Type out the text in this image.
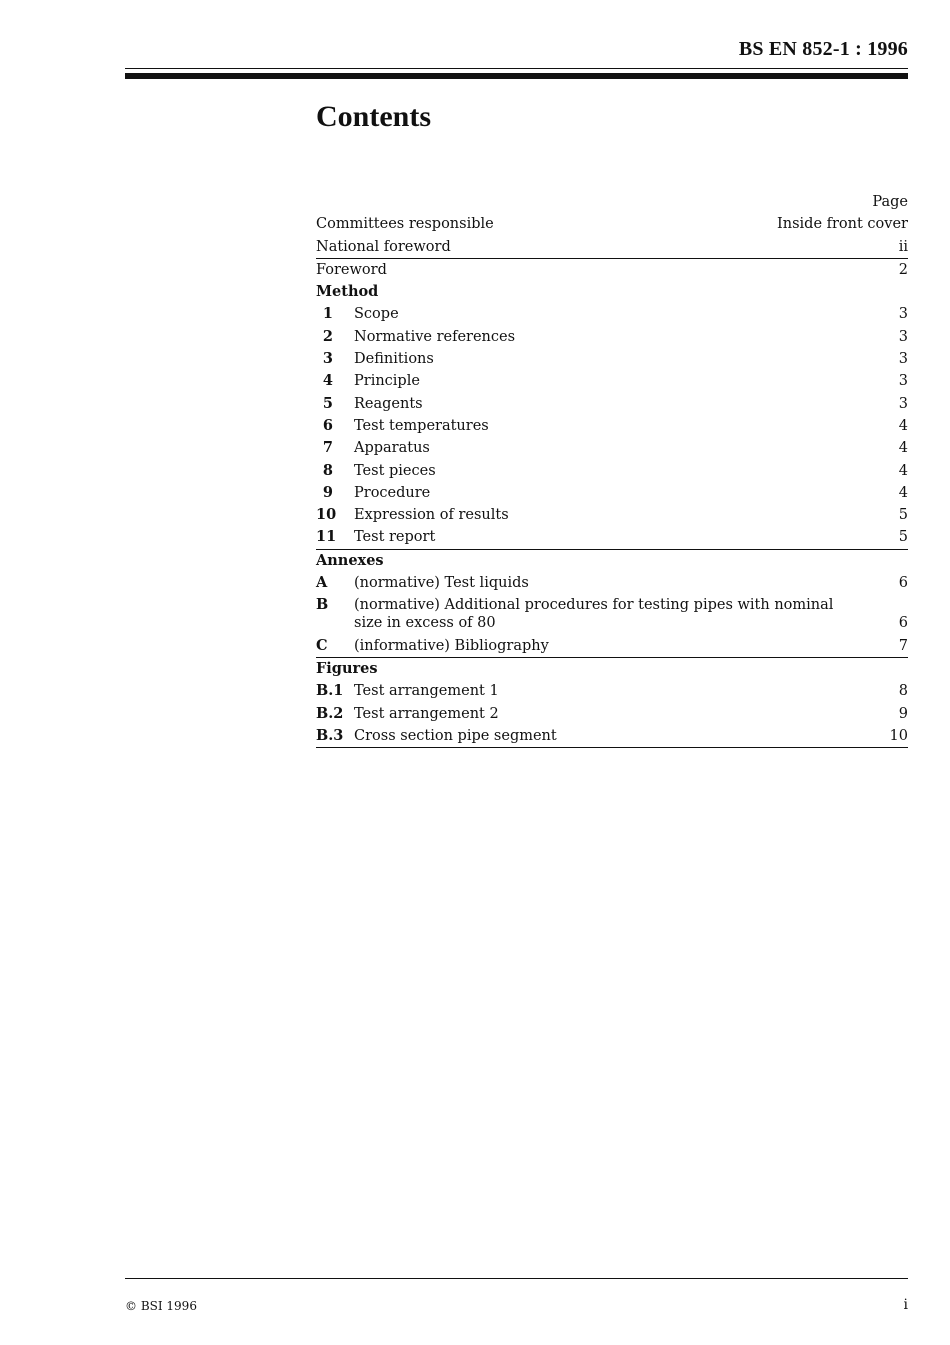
BS EN 852-1 : 1996
Contents
Page
Committees responsible	Inside front cover
National foreword	ii
Foreword	2
Method
1 Scope	3
2 Normative references	3
3 Definitions	3
4 Principle	3
5 Reagents	3
6 Test temperatures	4
7 Apparatus	4
8 Test pieces	4
9 Procedure	4
10 Expression of results	5
11 Test report	5
Annexes
A	(normative) Test liquids	6
B	(normative) Additional procedures for testing pipes with nominal size in excess of 80	6
C	(informative) Bibliography	7
Figures
B.1 Test arrangement 1	8
B.2 Test arrangement 2	9
B.3 Cross section pipe segment	10
© BSI 1996	i
